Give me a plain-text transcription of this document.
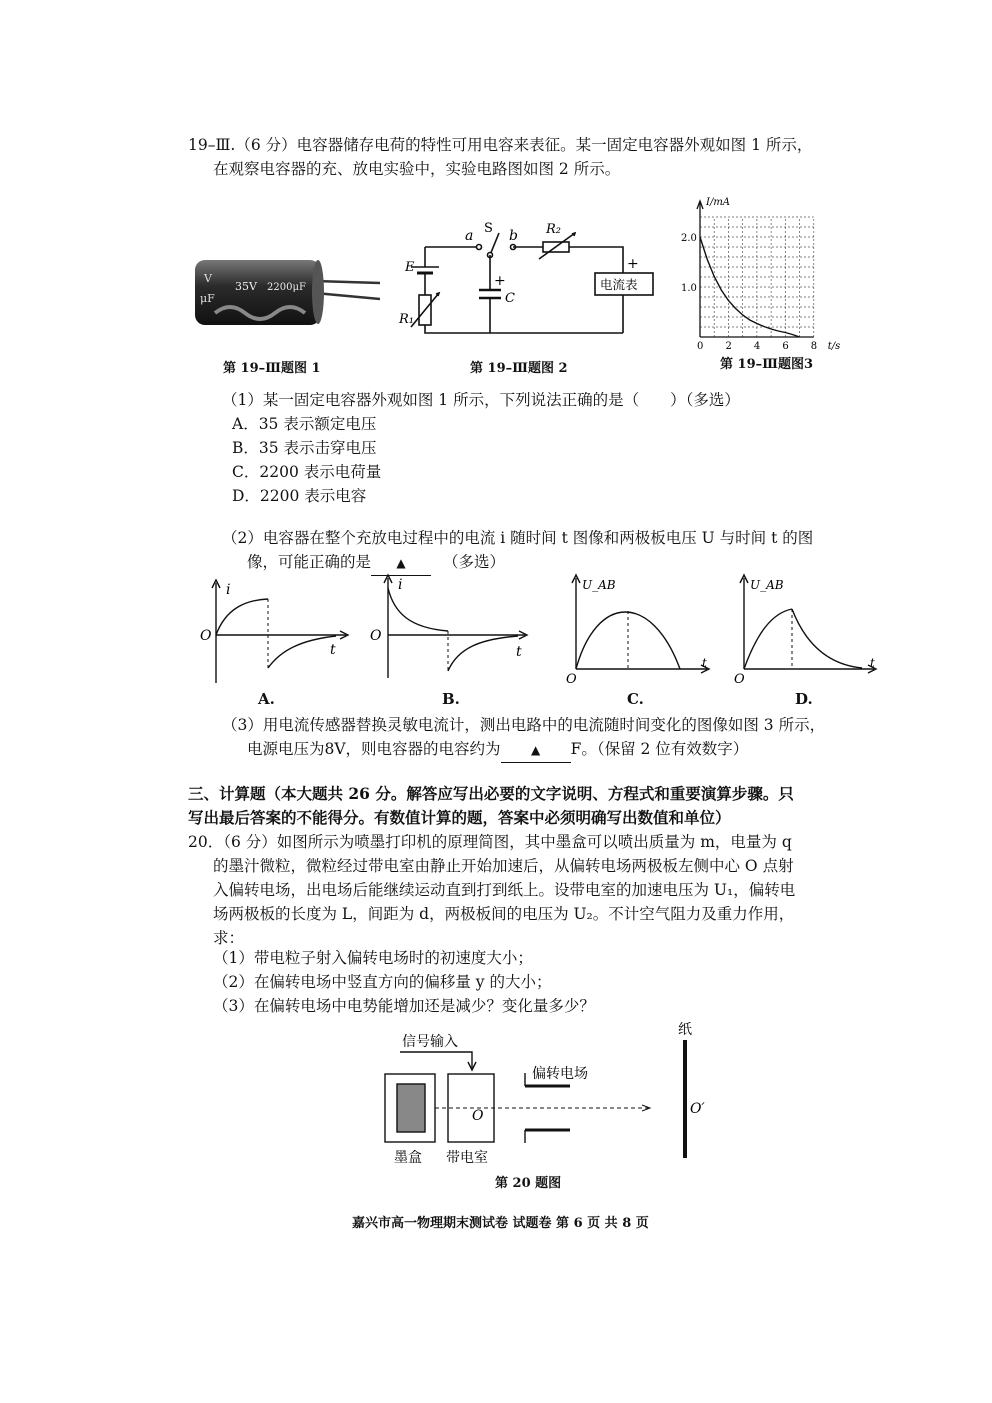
19–Ⅲ.（6 分）电容器储存电荷的特性可用电容来表征。某一固定电容器外观如图 1 所示，
在观察电容器的充、放电实验中，实验电路图如图 2 所示。
V
μF
35V 2200μF
第 19–Ⅲ题图 1
a S b R₂
E
R₁
C
+
+
电流表
第 19–Ⅲ题图 2
I/mA
t/s
0 2 4 6 8
1.0
2.0
第 19–Ⅲ题图3
（1）某一固定电容器外观如图 1 所示，下列说法正确的是（　　）（多选）
A．35 表示额定电压
B．35 表示击穿电压
C．2200 表示电荷量
D．2200 表示电容
（2）电容器在整个充放电过程中的电流 i 随时间 t 图像和两极板电压 U 与时间 t 的图
像，可能正确的是 ▲ （多选）
i
O
t
A.
i
O
t
B.
U_AB
O
t
C.
U_AB
O
t
D.
（3）用电流传感器替换灵敏电流计，测出电路中的电流随时间变化的图像如图 3 所示，
电源电压为8V，则电容器的电容约为	▲ F。（保留 2 位有效数字）
三、计算题（本大题共 26 分。解答应写出必要的文字说明、方程式和重要演算步骤。只
写出最后答案的不能得分。有数值计算的题，答案中必须明确写出数值和单位）
20．（6 分）如图所示为喷墨打印机的原理简图，其中墨盒可以喷出质量为 m，电量为 q
的墨汁微粒，微粒经过带电室由静止开始加速后，从偏转电场两极板左侧中心 O 点射
入偏转电场，出电场后能继续运动直到打到纸上。设带电室的加速电压为 U₁，偏转电
场两极板的长度为 L，间距为 d，两极板间的电压为 U₂。不计空气阻力及重力作用，
求：
（1）带电粒子射入偏转电场时的初速度大小；
（2）在偏转电场中竖直方向的偏移量 y 的大小；
（3）在偏转电场中电势能增加还是减少？变化量多少？
信号输入
偏转电场
纸
O	O′
墨盒 带电室
第 20 题图
嘉兴市高一物理期末测试卷 试题卷 第 6 页 共 8 页
